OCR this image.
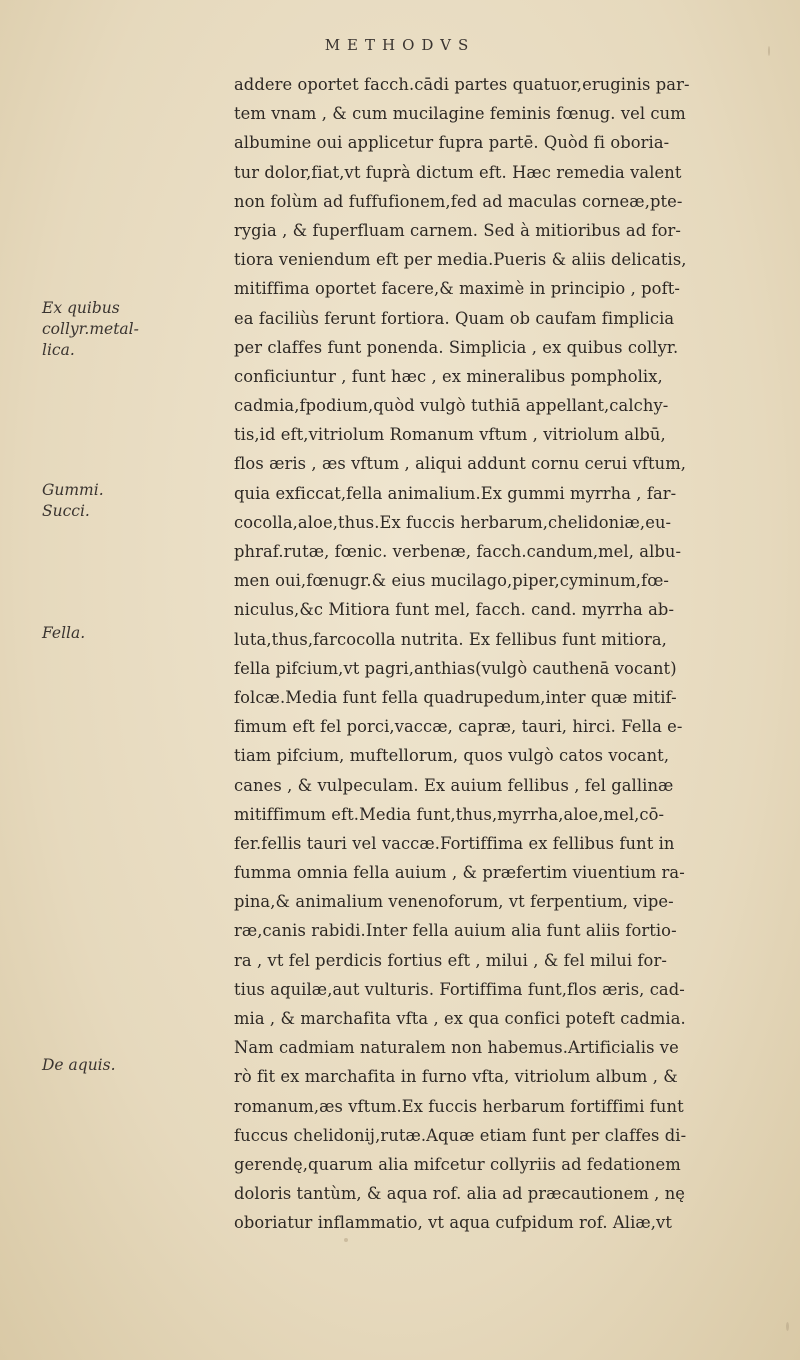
METHODVS
addere oportet facch.cādi partes quatuor,eruginis par-
tem vnam , & cum mucilagine feminis fœnug. vel cum
albumine oui applicetur fupra partē. Quòd fi oboria-
tur dolor,fiat,vt fuprà dictum eft. Hæc remedia valent
non folùm ad fuffufionem,fed ad maculas corneæ,pte-
rygia , & fuperfluam carnem. Sed à mitioribus ad for-
tiora veniendum eft per media.Pueris & aliis delicatis,
mitiffima oportet facere,& maximè in principio , poft-
ea faciliùs ferunt fortiora. Quam ob caufam fimplicia
per claffes funt ponenda. Simplicia , ex quibus collyr.
conficiuntur , funt hæc , ex mineralibus pompholix,
cadmia,fpodium,quòd vulgò tuthiā appellant,calchy-
tis,id eft,vitriolum Romanum vftum , vitriolum albū,
flos æris , æs vftum , aliqui addunt cornu cerui vftum,
quia exficcat,fella animalium.Ex gummi myrrha , far-
cocolla,aloe,thus.Ex fuccis herbarum,chelidoniæ,eu-
phraf.rutæ, fœnic. verbenæ, facch.candum,mel, albu-
men oui,fœnugr.& eius mucilago,piper,cyminum,fœ-
niculus,&c Mitiora funt mel, facch. cand. myrrha ab-
luta,thus,farcocolla nutrita. Ex fellibus funt mitiora,
fella pifcium,vt pagri,anthias(vulgò cauthenā vocant)
folcæ.Media funt fella quadrupedum,inter quæ mitif-
fimum eft fel porci,vaccæ, capræ, tauri, hirci. Fella e-
tiam pifcium, muftellorum, quos vulgò catos vocant,
canes , & vulpeculam. Ex auium fellibus , fel gallinæ
mitiffimum eft.Media funt,thus,myrrha,aloe,mel,cō-
fer.fellis tauri vel vaccæ.Fortiffima ex fellibus funt in
fumma omnia fella auium , & præfertim viuentium ra-
pina,& animalium venenoforum, vt ferpentium, vipe-
ræ,canis rabidi.Inter fella auium alia funt aliis fortio-
ra , vt fel perdicis fortius eft , milui , & fel milui for-
tius aquilæ,aut vulturis. Fortiffima funt,flos æris, cad-
mia , & marchafita vfta , ex qua confici poteft cadmia.
Nam cadmiam naturalem non habemus.Artificialis ve
rò fit ex marchafita in furno vfta, vitriolum album , &
romanum,æs vftum.Ex fuccis herbarum fortiffimi funt
fuccus chelidonij,rutæ.Aquæ etiam funt per claffes di-
gerendę,quarum alia mifcetur collyriis ad fedationem
doloris tantùm, & aqua rof. alia ad præcautionem , nę
oboriatur inflammatio, vt aqua cufpidum rof. Aliæ,vt
Ex quibus
collyr.metal-
lica.
Gummi.
Succi.
Fella.
De aquis.
